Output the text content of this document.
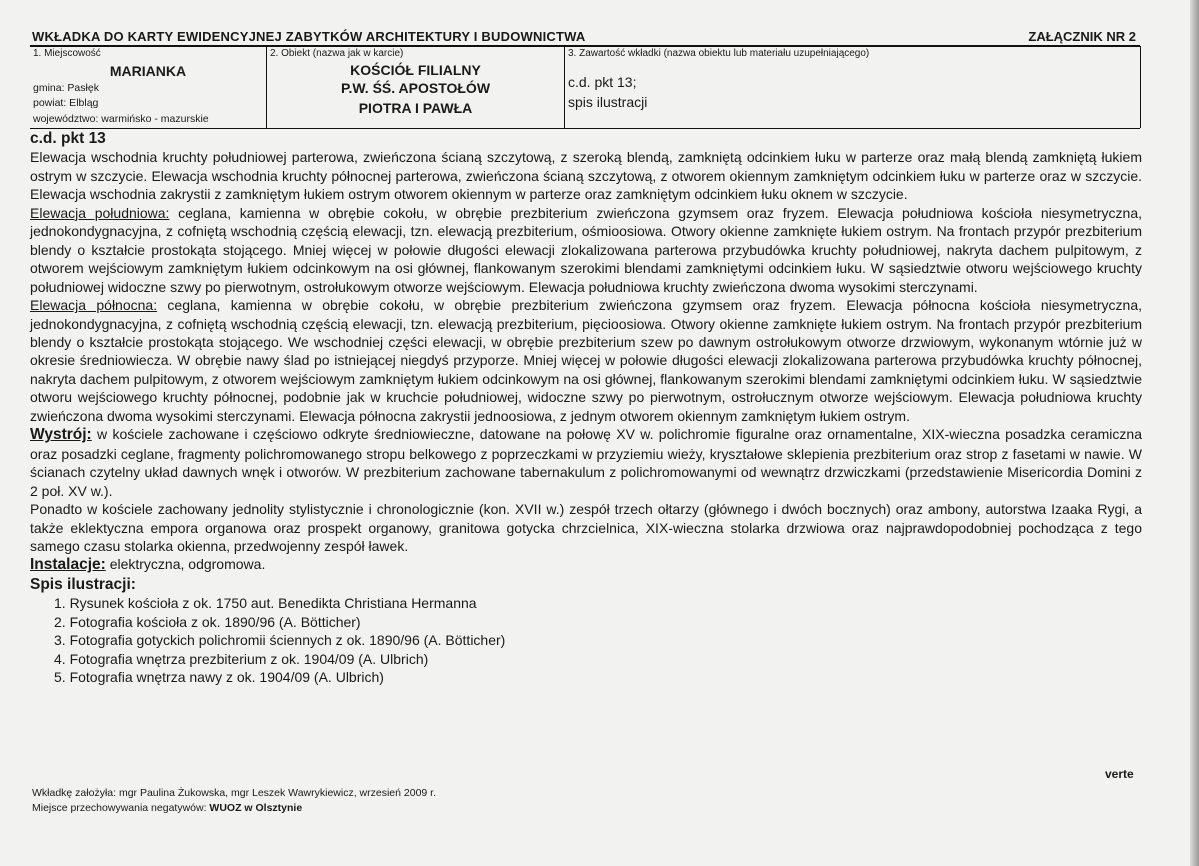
WKŁADKA DO KARTY EWIDENCYJNEJ ZABYTKÓW ARCHITEKTURY I BUDOWNICTWA	ZAŁĄCZNIK NR 2
1. Miejscowość
MARIANKA
gmina: Pasłęk
powiat: Elbląg
województwo: warmińsko - mazurskie
2. Obiekt (nazwa jak w karcie)
KOŚCIÓŁ FILIALNY
P.W. ŚŚ. APOSTOŁÓW
PIOTRA I PAWŁA
3. Zawartość wkładki (nazwa obiektu lub materiału uzupełniającego)
c.d. pkt 13;
spis ilustracji

c.d. pkt 13

Elewacja wschodnia kruchty południowej parterowa, zwieńczona ścianą szczytową, z szeroką blendą, zamkniętą odcinkiem łuku w parterze oraz małą blendą zamkniętą łukiem ostrym w szczycie. Elewacja wschodnia kruchty północnej parterowa, zwieńczona ścianą szczytową, z otworem okiennym zamkniętym odcinkiem łuku w parterze oraz w szczycie. Elewacja wschodnia zakrystii z zamkniętym łukiem ostrym otworem okiennym w parterze oraz zamkniętym odcinkiem łuku oknem w szczycie.

Elewacja południowa: ceglana, kamienna w obrębie cokołu, w obrębie prezbiterium zwieńczona gzymsem oraz fryzem. Elewacja południowa kościoła niesymetryczna, jednokondygnacyjna, z cofniętą wschodnią częścią elewacji, tzn. elewacją prezbiterium, ośmioosiowa. Otwory okienne zamknięte łukiem ostrym. Na frontach przypór prezbiterium blendy o kształcie prostokąta stojącego. Mniej więcej w połowie długości elewacji zlokalizowana parterowa przybudówka kruchty południowej, nakryta dachem pulpitowym, z otworem wejściowym zamkniętym łukiem odcinkowym na osi głównej, flankowanym szerokimi blendami zamkniętymi odcinkiem łuku. W sąsiedztwie otworu wejściowego kruchty południowej widoczne szwy po pierwotnym, ostrołukowym otworze wejściowym. Elewacja południowa kruchty zwieńczona dwoma wysokimi sterczynami.

Elewacja północna: ceglana, kamienna w obrębie cokołu, w obrębie prezbiterium zwieńczona gzymsem oraz fryzem. Elewacja północna kościoła niesymetryczna, jednokondygnacyjna, z cofniętą wschodnią częścią elewacji, tzn. elewacją prezbiterium, pięcioosiowa. Otwory okienne zamknięte łukiem ostrym. Na frontach przypór prezbiterium blendy o kształcie prostokąta stojącego. We wschodniej części elewacji, w obrębie prezbiterium szew po dawnym ostrołukowym otworze drzwiowym, wykonanym wtórnie już w okresie średniowiecza. W obrębie nawy ślad po istniejącej niegdyś przyporze. Mniej więcej w połowie długości elewacji zlokalizowana parterowa przybudówka kruchty północnej, nakryta dachem pulpitowym, z otworem wejściowym zamkniętym łukiem odcinkowym na osi głównej, flankowanym szerokimi blendami zamkniętymi odcinkiem łuku. W sąsiedztwie otworu wejściowego kruchty północnej, podobnie jak w kruchcie południowej, widoczne szwy po pierwotnym, ostrołucznym otworze wejściowym. Elewacja południowa kruchty zwieńczona dwoma wysokimi sterczynami. Elewacja północna zakrystii jednoosiowa, z jednym otworem okiennym zamkniętym łukiem ostrym.

Wystrój: w kościele zachowane i częściowo odkryte średniowieczne, datowane na połowę XV w. polichromie figuralne oraz ornamentalne, XIX-wieczna posadzka ceramiczna oraz posadzki ceglane, fragmenty polichromowanego stropu belkowego z poprzeczkami w przyziemiu wieży, kryształowe sklepienia prezbiterium oraz strop z fasetami w nawie. W ścianach czytelny układ dawnych wnęk i otworów. W prezbiterium zachowane tabernakulum z polichromowanymi od wewnątrz drzwiczkami (przedstawienie Misericordia Domini z 2 poł. XV w.).

Ponadto w kościele zachowany jednolity stylistycznie i chronologicznie (kon. XVII w.) zespół trzech ołtarzy (głównego i dwóch bocznych) oraz ambony, autorstwa Izaaka Rygi, a także eklektyczna empora organowa oraz prospekt organowy, granitowa gotycka chrzcielnica, XIX-wieczna stolarka drzwiowa oraz najprawdopodobniej pochodząca z tego samego czasu stolarka okienna, przedwojenny zespół ławek.

Instalacje: elektryczna, odgromowa.

Spis ilustracji:

1. Rysunek kościoła z ok. 1750 aut. Benedikta Christiana Hermanna
2. Fotografia kościoła z ok. 1890/96 (A. Bötticher)
3. Fotografia gotyckich polichromii ściennych z ok. 1890/96 (A. Bötticher)
4. Fotografia wnętrza prezbiterium z ok. 1904/09 (A. Ulbrich)
5. Fotografia wnętrza nawy z ok. 1904/09 (A. Ulbrich)
verte
Wkładkę założyła: mgr Paulina Żukowska, mgr Leszek Wawrykiewicz, wrzesień 2009 r.
Miejsce przechowywania negatywów: WUOZ w Olsztynie
